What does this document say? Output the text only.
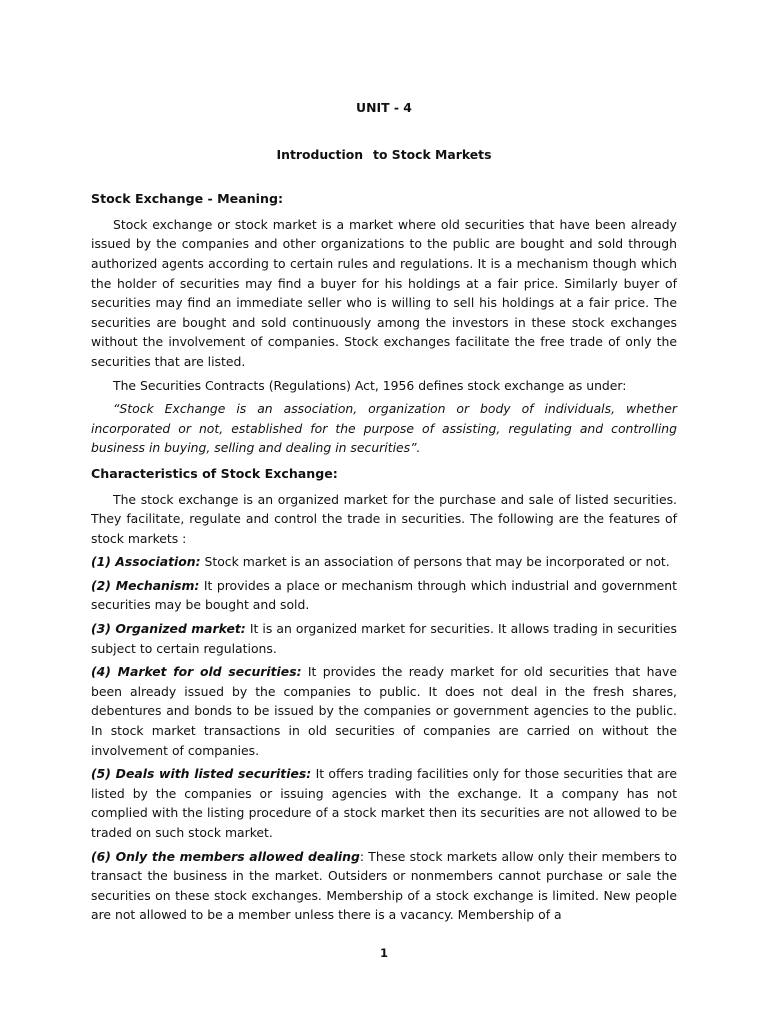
UNIT - 4
Introduction to Stock Markets
Stock Exchange - Meaning:

Stock exchange or stock market is a market where old securities that have been already issued by the companies and other organizations to the public are bought and sold through authorized agents according to certain rules and regulations. It is a mechanism though which the holder of securities may find a buyer for his holdings at a fair price. Similarly buyer of securities may find an immediate seller who is willing to sell his holdings at a fair price. The securities are bought and sold continuously among the investors in these stock exchanges without the involvement of companies. Stock exchanges facilitate the free trade of only the securities that are listed.

The Securities Contracts (Regulations) Act, 1956 defines stock exchange as under:

“Stock Exchange is an association, organization or body of individuals, whether incorporated or not, established for the purpose of assisting, regulating and controlling business in buying, selling and dealing in securities”.

Characteristics of Stock Exchange:

The stock exchange is an organized market for the purchase and sale of listed securities. They facilitate, regulate and control the trade in securities. The following are the features of stock markets :

(1) Association: Stock market is an association of persons that may be incorporated or not.

(2) Mechanism: It provides a place or mechanism through which industrial and government securities may be bought and sold.

(3) Organized market: It is an organized market for securities. It allows trading in securities subject to certain regulations.

(4) Market for old securities: It provides the ready market for old securities that have been already issued by the companies to public. It does not deal in the fresh shares, debentures and bonds to be issued by the companies or government agencies to the public. In stock market transactions in old securities of companies are carried on without the involvement of companies.

(5) Deals with listed securities: It offers trading facilities only for those securities that are listed by the companies or issuing agencies with the exchange. It a company has not complied with the listing procedure of a stock market then its securities are not allowed to be traded on such stock market.

(6) Only the members allowed dealing: These stock markets allow only their members to transact the business in the market. Outsiders or nonmembers cannot purchase or sale the securities on these stock exchanges. Membership of a stock exchange is limited. New people are not allowed to be a member unless there is a vacancy. Membership of a

1
